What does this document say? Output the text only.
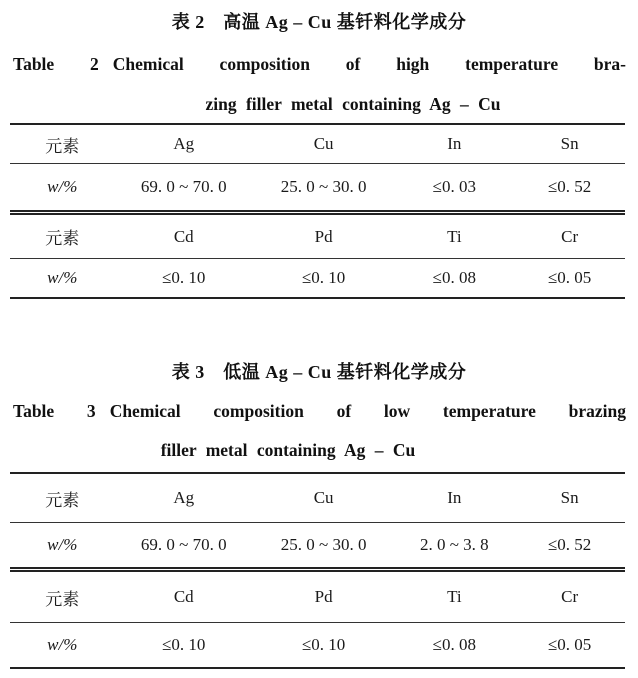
表 2　高温 Ag – Cu 基钎料化学成分
Table 2 Chemical composition of high temperature bra-
zing filler metal containing Ag – Cu
元素	Ag	Cu	In	Sn
w/%	69. 0 ~ 70. 0	25. 0 ~ 30. 0	≤0. 03	≤0. 52
元素	Cd	Pd	Ti	Cr
w/%	≤0. 10	≤0. 10	≤0. 08	≤0. 05
表 3　低温 Ag – Cu 基钎料化学成分
Table 3 Chemical composition of low temperature brazing
filler metal containing Ag – Cu
元素	Ag	Cu	In	Sn
w/%	69. 0 ~ 70. 0	25. 0 ~ 30. 0	2. 0 ~ 3. 8	≤0. 52
元素	Cd	Pd	Ti	Cr
w/%	≤0. 10	≤0. 10	≤0. 08	≤0. 05
